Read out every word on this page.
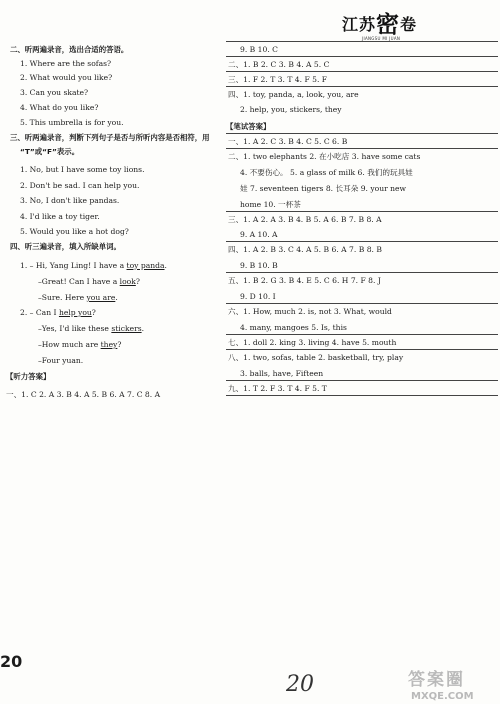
江苏密卷
JIANGSU MI JUAN
二、听两遍录音，选出合适的答语。
1. Where are the sofas?
2. What would you like?
3. Can you skate?
4. What do you like?
5. This umbrella is for you.
三、听两遍录音，判断下列句子是否与所听内容是否相符，用
“T”或“F”表示。
1. No, but I have some toy lions.
2. Don't be sad. I can help you.
3. No, I don't like pandas.
4. I'd like a toy tiger.
5. Would you like a hot dog?
四、听三遍录音，填入所缺单词。
1. – Hi, Yang Ling! I have a toy panda.
–Great! Can I have a look?
–Sure. Here you are.
2. – Can I help you?
–Yes, I'd like these stickers.
–How much are they?
–Four yuan.
【听力答案】
一、1. C 2. A 3. B 4. A 5. B 6. A 7. C 8. A
9. B 10. C
二、1. B 2. C 3. B 4. A 5. C
三、1. F 2. T 3. T 4. F 5. F
四、1. toy, panda, a, look, you, are
2. help, you, stickers, they
【笔试答案】
一、1. A 2. C 3. B 4. C 5. C 6. B
二、1. two elephants 2. 在小吃店 3. have some cats
4. 不要伤心。 5. a glass of milk 6. 我们的玩具娃
娃 7. seventeen tigers 8. 长耳朵 9. your new
home 10. 一杯茶
三、1. A 2. A 3. B 4. B 5. A 6. B 7. B 8. A
9. A 10. A
四、1. A 2. B 3. C 4. A 5. B 6. A 7. B 8. B
9. B 10. B
五、1. B 2. G 3. B 4. E 5. C 6. H 7. F 8. J
9. D 10. I
六、1. How, much 2. is, not 3. What, would
4. many, mangoes 5. Is, this
七、1. doll 2. king 3. living 4. have 5. mouth
八、1. two, sofas, table 2. basketball, try, play
3. balls, have, Fifteen
九、1. T 2. F 3. T 4. F 5. T
20
20	答案圈
MXQE.COM
